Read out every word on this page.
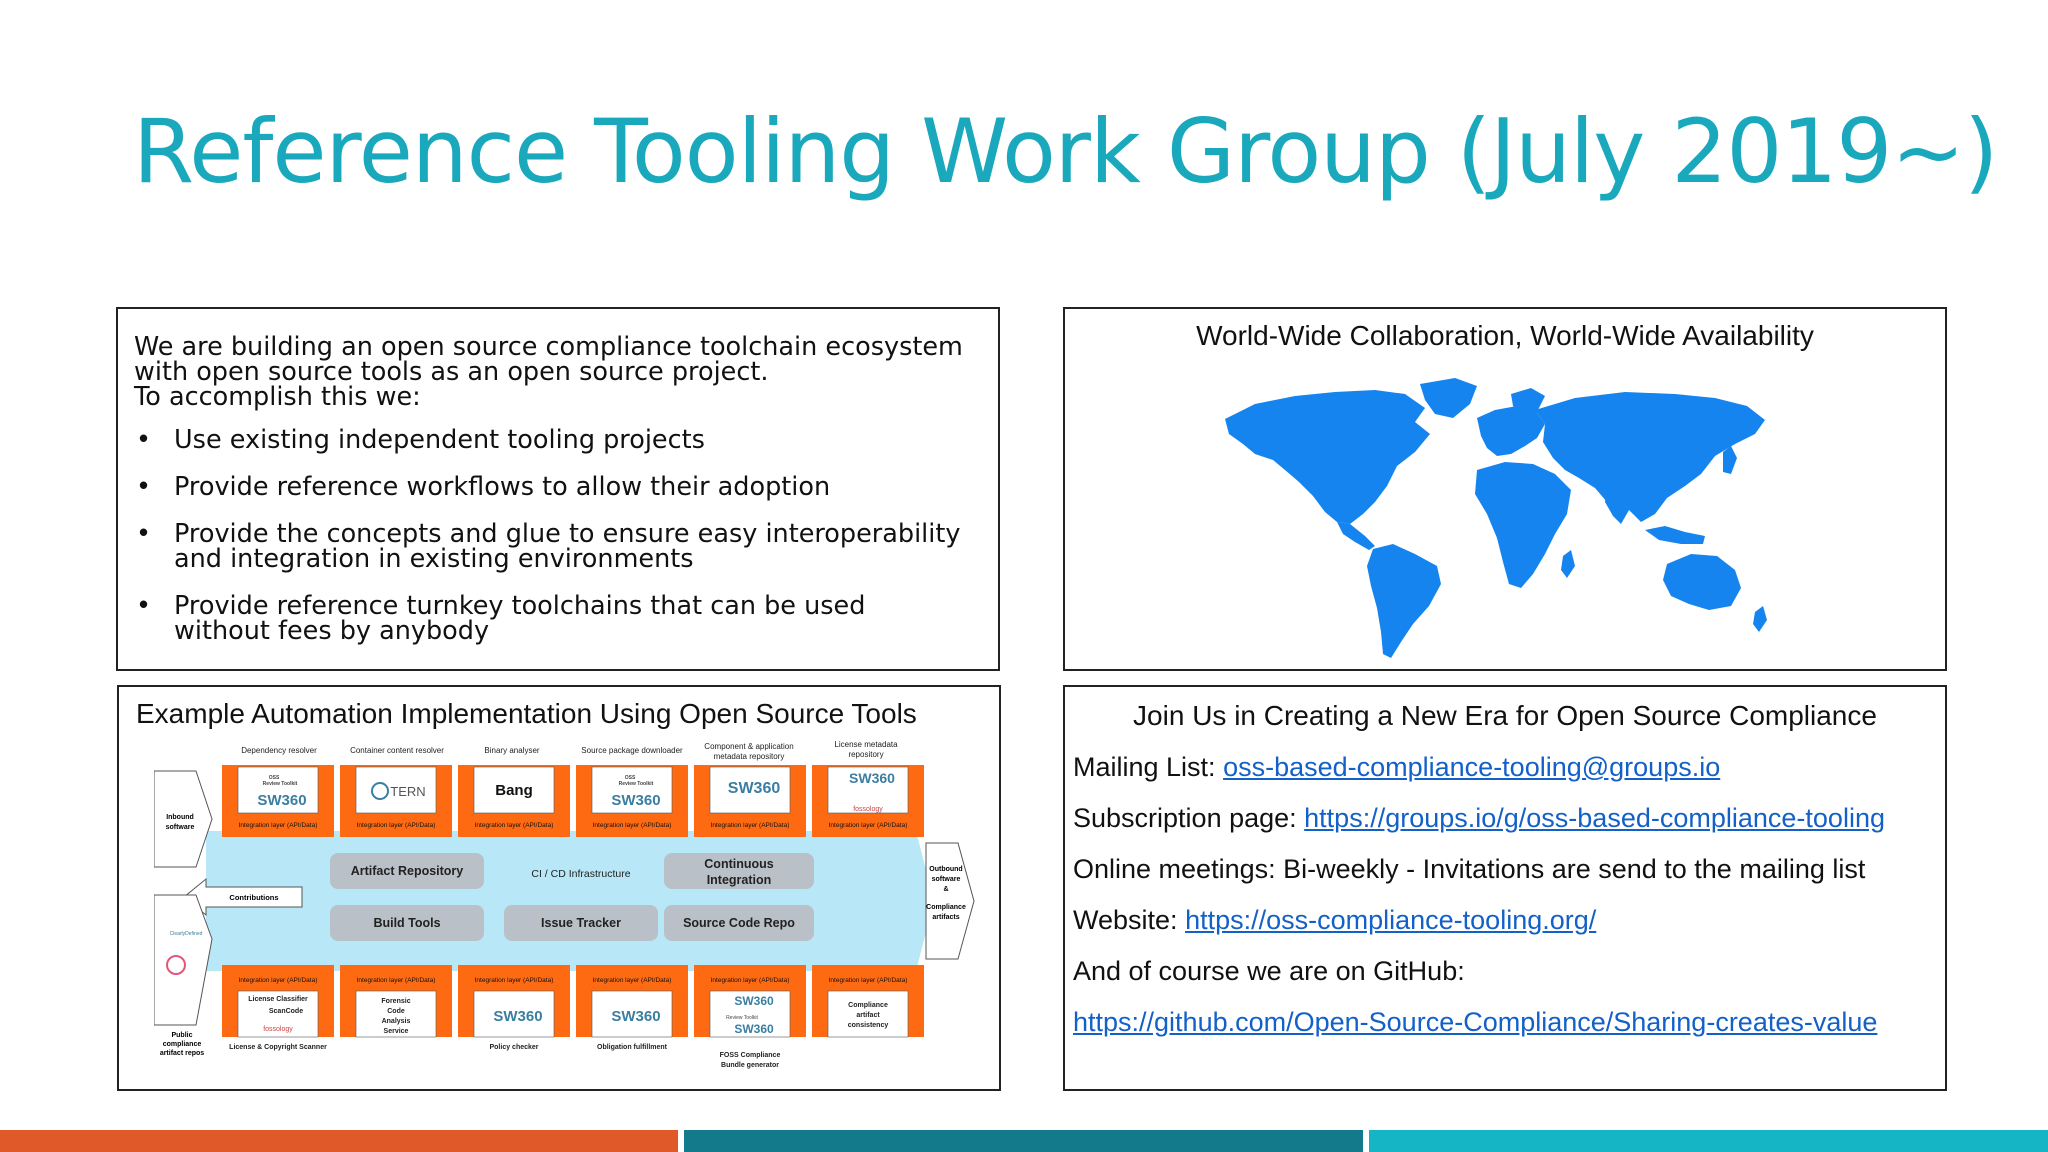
Reference Tooling Work Group (July 2019~)

We are building an open source compliance toolchain ecosystem

with open source tools as an open source project.

To accomplish this we:

• Use existing independent tooling projects
• Provide reference workflows to allow their adoption
• Provide the concepts and glue to ensure easy interoperability and integration in existing environments
• Provide reference turnkey toolchains that can be used without fees by anybody
World-Wide Collaboration, World-Wide Availability
Example Automation Implementation Using Open Source Tools
Dependency resolver	Container content resolver	Binary analyser	Source package downloader	Component & application
metadata repository
License metadata
repository
Integration layer (API/Data)	Integration layer (API/Data)	Integration layer (API/Data)	Integration layer (API/Data)	Integration layer (API/Data)	Integration layer (API/Data)
Integration layer (API/Data)	Integration layer (API/Data)	Integration layer (API/Data)	Integration layer (API/Data)	Integration layer (API/Data)	Integration layer (API/Data)
OSS
Review Toolkit
SW360
TERN	Bang
OSS
Review Toolkit
SW360
SW360
SW360
fossology
Artifact Repository	Continuous
Integration
Build Tools	Issue Tracker	Source Code Repo
CI / CD Infrastructure
Inbound
software
Contributions
ClearlyDefined
Public
compliance
artifact repos
Outbound
software
&
Compliance
artifacts
License Classifier
ScanCode
Forensic
Code
Analysis
Service
Compliance
artifact
consistency
fossology
SW360	SW360
SW360
Review Toolkit
SW360
License & Copyright Scanner	Policy checker	Obligation fulfillment
FOSS Compliance
Bundle generator
Join Us in Creating a New Era for Open Source Compliance
Mailing List: oss-based-compliance-tooling@groups.io
Subscription page: https://groups.io/g/oss-based-compliance-tooling
Online meetings: Bi-weekly - Invitations are send to the mailing list
Website: https://oss-compliance-tooling.org/
And of course we are on GitHub:
https://github.com/Open-Source-Compliance/Sharing-creates-value
